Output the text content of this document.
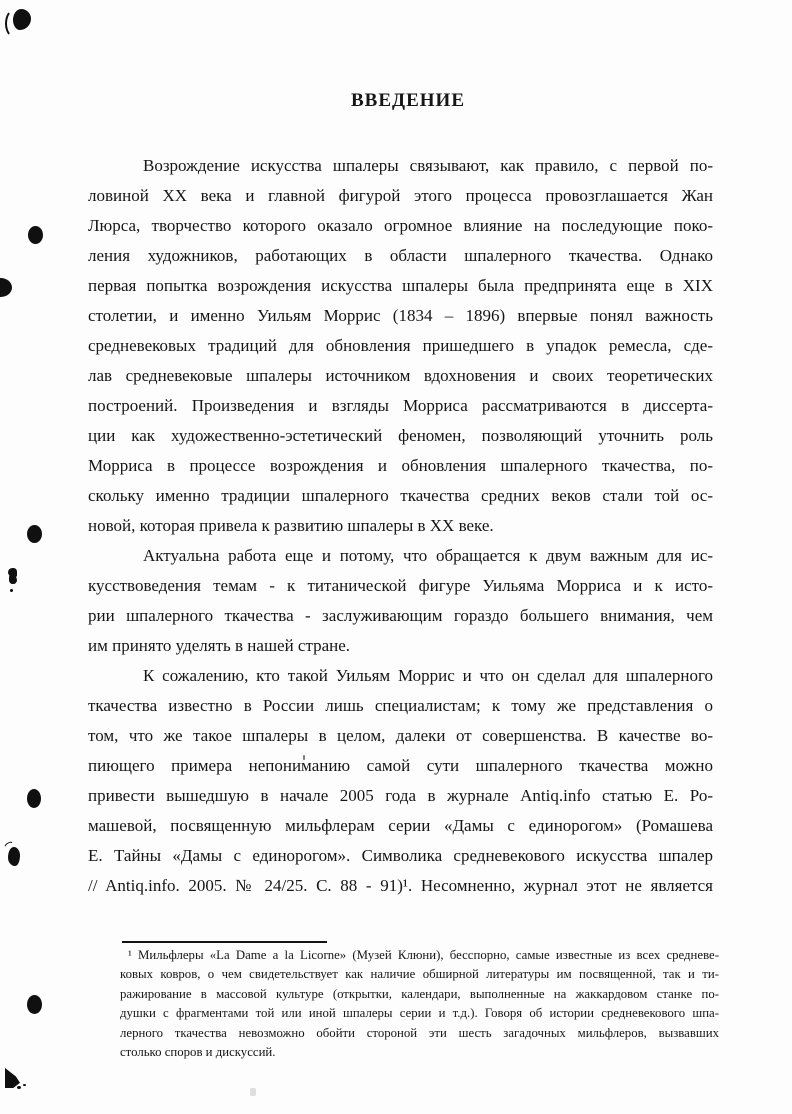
ВВЕДЕНИЕ
Возрождение искусства шпалеры связывают, как правило, с первой по-
ловиной XX века и главной фигурой этого процесса провозглашается Жан
Люрса, творчество которого оказало огромное влияние на последующие поко-
ления художников, работающих в области шпалерного ткачества. Однако
первая попытка возрождения искусства шпалеры была предпринята еще в XIX
столетии, и именно Уильям Моррис (1834 – 1896) впервые понял важность
средневековых традиций для обновления пришедшего в упадок ремесла, сде-
лав средневековые шпалеры источником вдохновения и своих теоретических
построений. Произведения и взгляды Морриса рассматриваются в диссерта-
ции как художественно-эстетический феномен, позволяющий уточнить роль
Морриса в процессе возрождения и обновления шпалерного ткачества, по-
скольку именно традиции шпалерного ткачества средних веков стали той ос-
новой, которая привела к развитию шпалеры в XX веке.
Актуальна работа еще и потому, что обращается к двум важным для ис-
кусствоведения темам - к титанической фигуре Уильяма Морриса и к исто-
рии шпалерного ткачества - заслуживающим гораздо большего внимания, чем
им принято уделять в нашей стране.
К сожалению, кто такой Уильям Моррис и что он сделал для шпалерного
ткачества известно в России лишь специалистам; к тому же представления о
том, что же такое шпалеры в целом, далеки от совершенства. В качестве во-
пиющего примера непониманию самой сути шпалерного ткачества можно
привести вышедшую в начале 2005 года в журнале Antiq.info статью Е. Ро-
машевой, посвященную мильфлерам серии «Дамы с единорогом» (Ромашева
Е. Тайны «Дамы с единорогом». Символика средневекового искусства шпалер
// Antiq.info. 2005. № 24/25. С. 88 - 91)¹. Несомненно, журнал этот не является
¹ Мильфлеры «La Dame a la Licorne» (Музей Клюни), бесспорно, самые известные из всех средневе-
ковых ковров, о чем свидетельствует как наличие обширной литературы им посвященной, так и ти-
ражирование в массовой культуре (открытки, календари, выполненные на жаккардовом станке по-
душки с фрагментами той или иной шпалеры серии и т.д.). Говоря об истории средневекового шпа-
лерного ткачества невозможно обойти стороной эти шесть загадочных мильфлеров, вызвавших
столько споров и дискуссий.
